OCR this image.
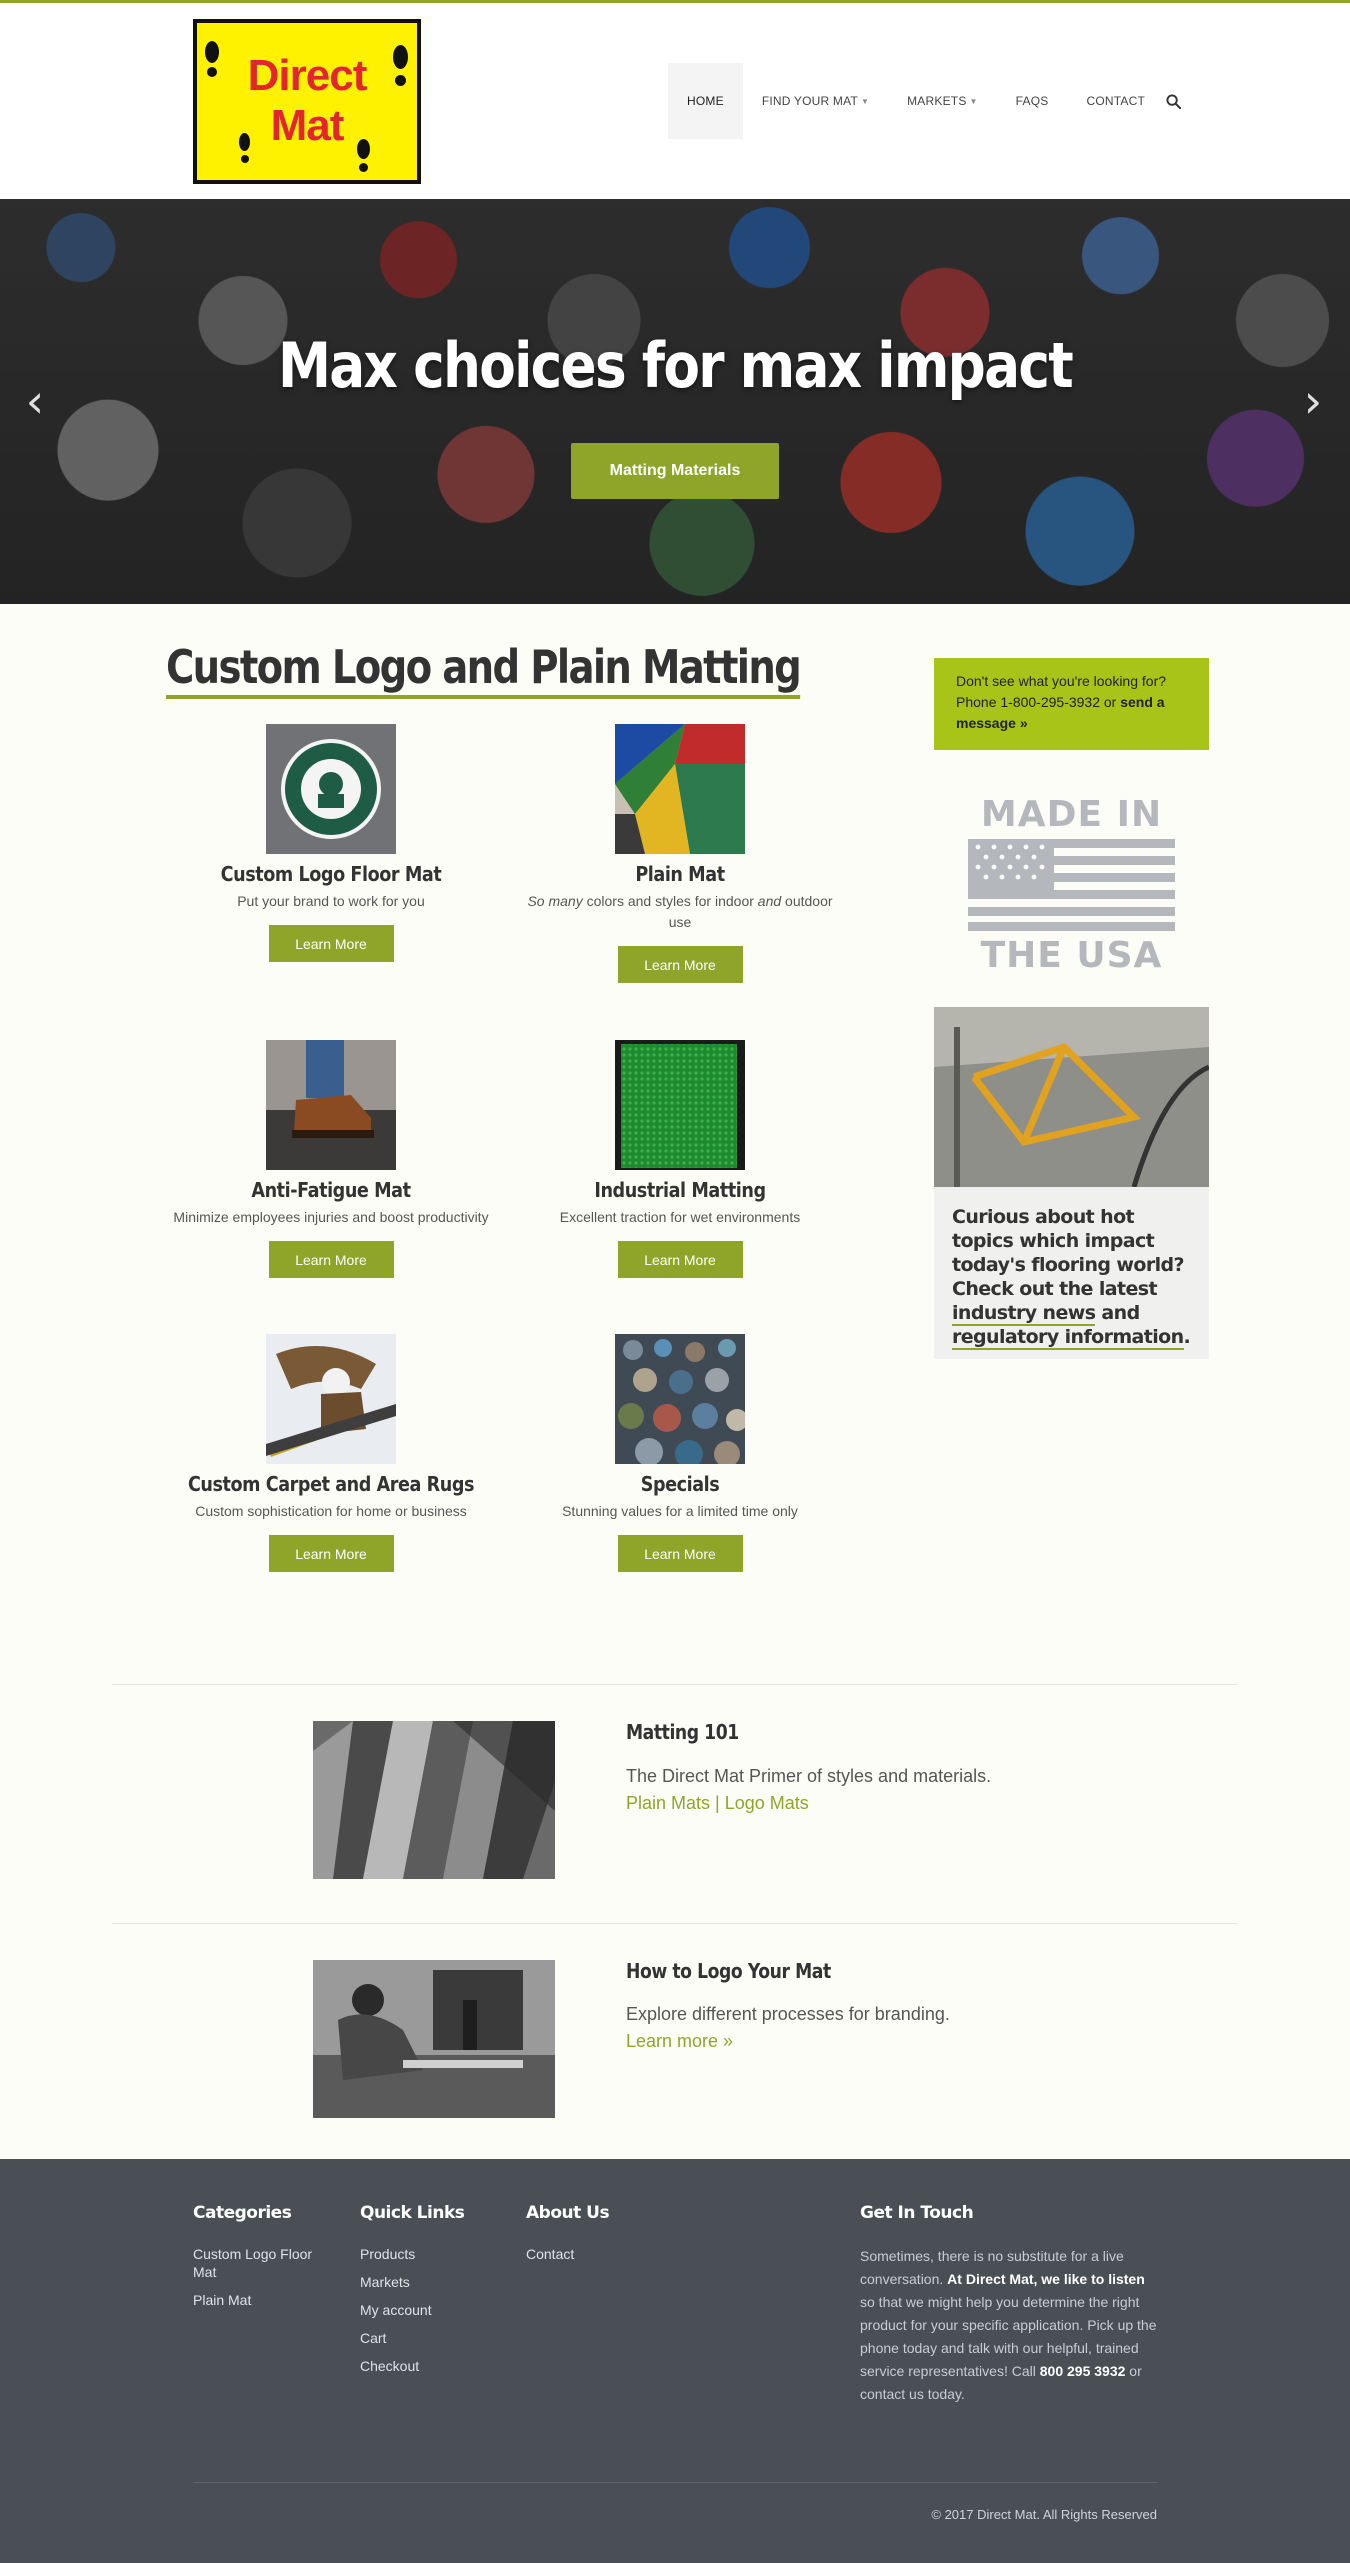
Direct
Mat	HOME	FIND YOUR MAT ▼	MARKETS ▼	FAQS	CONTACT
Max choices for max impact
Matting Materials
‹	›
Custom Logo and Plain Matting
Custom Logo Floor Mat
Put your brand to work for you
Learn More
Plain Mat
So many colors and styles for indoor and outdoor use
Learn More
Anti-Fatigue Mat
Minimize employees injuries and boost productivity
Learn More
Industrial Matting
Excellent traction for wet environments
Learn More
Custom Carpet and Area Rugs
Custom sophistication for home or business
Learn More
Specials
Stunning values for a limited time only
Learn More
Don't see what you're looking for? Phone 1-800-295-3932 or send a message »
MADE IN
THE USA
Curious about hot topics which impact today's flooring world? Check out the latest industry news and regulatory information.
Matting 101
The Direct Mat Primer of styles and materials.
Plain Mats | Logo Mats
How to Logo Your Mat
Explore different processes for branding.
Learn more »
Categories
Custom Logo Floor Mat
Plain Mat
Quick Links
Products
Markets
My account
Cart
Checkout
About Us
Contact
Get In Touch

Sometimes, there is no substitute for a live conversation. At Direct Mat, we like to listen so that we might help you determine the right product for your specific application. Pick up the phone today and talk with our helpful, trained service representatives! Call 800 295 3932 or contact us today.

© 2017 Direct Mat. All Rights Reserved
